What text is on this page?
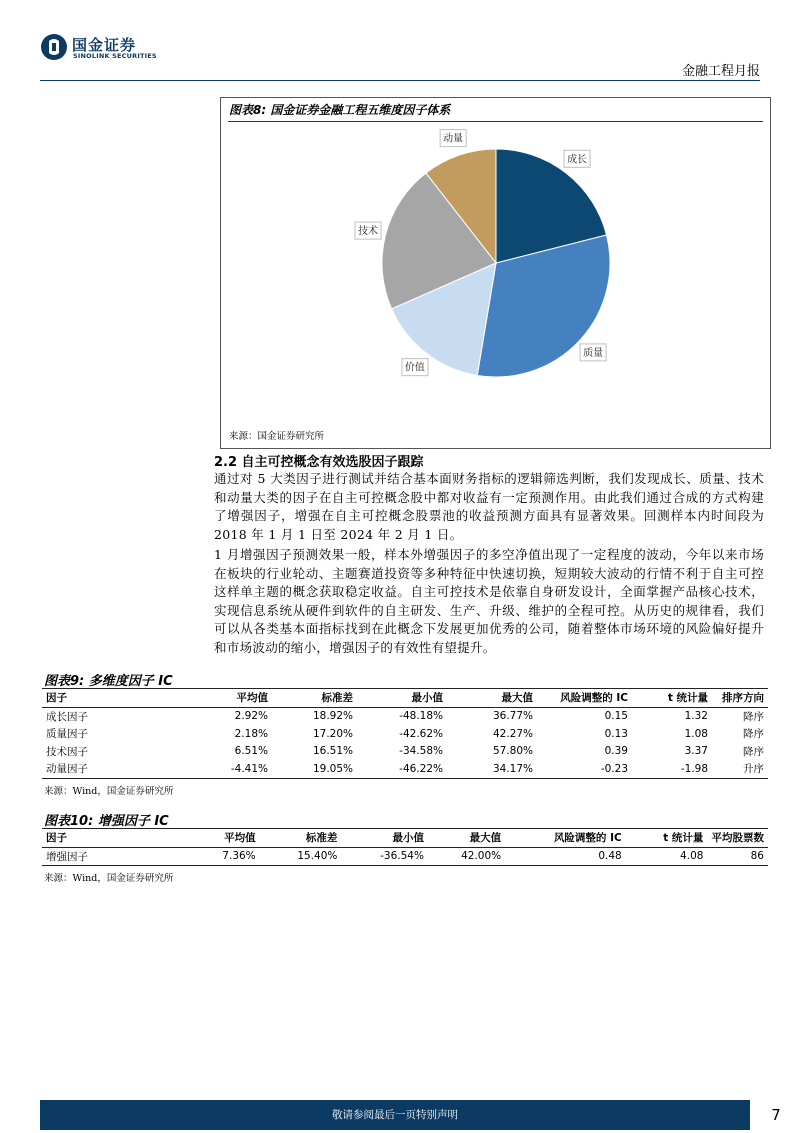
国金证券
SINOLINK SECURITIES
金融工程月报
图表8: 国金证券金融工程五维度因子体系
成长
质量
价值
技术
动量
来源：国金证券研究所
2.2 自主可控概念有效选股因子跟踪
通过对 5 大类因子进行测试并结合基本面财务指标的逻辑筛选判断，我们发现成长、质量、技术和动量大类的因子在自主可控概念股中都对收益有一定预测作用。由此我们通过合成的方式构建了增强因子，增强在自主可控概念股票池的收益预测方面具有显著效果。回测样本内时间段为 2018 年 1 月 1 日至 2024 年 2 月 1 日。
1 月增强因子预测效果一般，样本外增强因子的多空净值出现了一定程度的波动，今年以来市场在板块的行业轮动、主题赛道投资等多种特征中快速切换，短期较大波动的行情不利于自主可控这样单主题的概念获取稳定收益。自主可控技术是依靠自身研发设计，全面掌握产品核心技术，实现信息系统从硬件到软件的自主研发、生产、升级、维护的全程可控。从历史的规律看，我们可以从各类基本面指标找到在此概念下发展更加优秀的公司，随着整体市场环境的风险偏好提升和市场波动的缩小，增强因子的有效性有望提升。
图表9: 多维度因子 IC
因子	平均值	标准差	最小值	最大值	风险调整的 IC	t 统计量	排序方向
成长因子	2.92%	18.92%	-48.18%	36.77%	0.15	1.32	降序
质量因子	2.18%	17.20%	-42.62%	42.27%	0.13	1.08	降序
技术因子	6.51%	16.51%	-34.58%	57.80%	0.39	3.37	降序
动量因子	-4.41%	19.05%	-46.22%	34.17%	-0.23	-1.98	升序
来源：Wind，国金证券研究所
图表10: 增强因子 IC
因子	平均值	标准差	最小值	最大值	风险调整的 IC	t 统计量	平均股票数
增强因子	7.36%	15.40%	-36.54%	42.00%	0.48	4.08	86
来源：Wind，国金证券研究所
敬请参阅最后一页特别声明	7
